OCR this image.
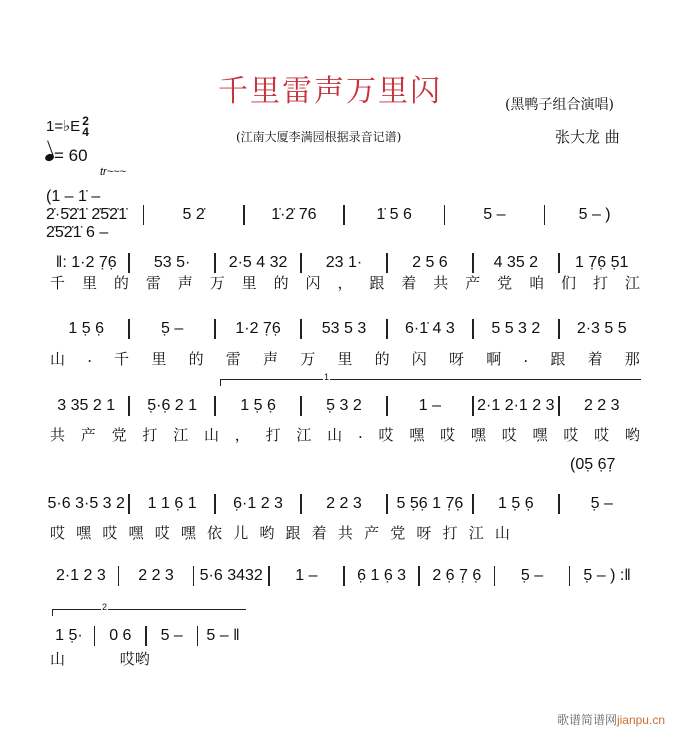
千里雷声万里闪	(黑鸭子组合演唱)
1=♭E 2
4	(江南大厦李满园根据录音记谱)	张大龙 曲
= 60
tr~~~
1
(05̣ 6̣7̣
2
(1 – 1̇ – 2̇·5̇2̇1̇ 2̇5̇2̇1̇ 2̇5̇2̇1̇ 6 –
5 2̇	1̇·2̇ 76	1̇ 5 6	5 –	5 – )
‖: 1·2 7̣6̣	53 5·	2·5 4 32	23 1·	2 5 6	4 35 2	1 7̣6̣ 5̣1
千 里 的 雷 声 万 里 的 闪 ， 跟 着 共 产 党 咱 们 打 江
1 5̣ 6̣	5̣ –	1·2 7̣6̣	53 5 3	6·1̇ 4 3	5 5 3 2	2·3 5 5
山 . 千 里 的 雷 声 万 里 的 闪 呀 啊 . 跟 着 那
3 35 2 1	5̣·6̣ 2 1	1 5̣ 6̣	5̣ 3 2	1 –	2·1 2·1 2 3	2 2 3
共 产 党 打 江 山 ， 打 江 山 . 哎 嘿 哎 嘿 哎 嘿 哎 哎 哟
5·6 3·5 3 2	1 1 6̣ 1	6̣·1 2 3	2 2 3	5 5̣6̣ 1 7̣6̣	1 5̣ 6̣	5̣ –
哎 嘿 哎 嘿 哎 嘿 依 儿 哟 跟 着 共 产 党 呀 打 江 山
2·1 2 3	2 2 3	5·6 3432	1 –	6̣ 1 6̣ 3	2 6̣ 7̣ 6̣	5̣ –	5̣ – ) :‖
1 5̣·	0 6	5 –	5 – ‖
山 哎哟
歌谱简谱网jianpu.cn
